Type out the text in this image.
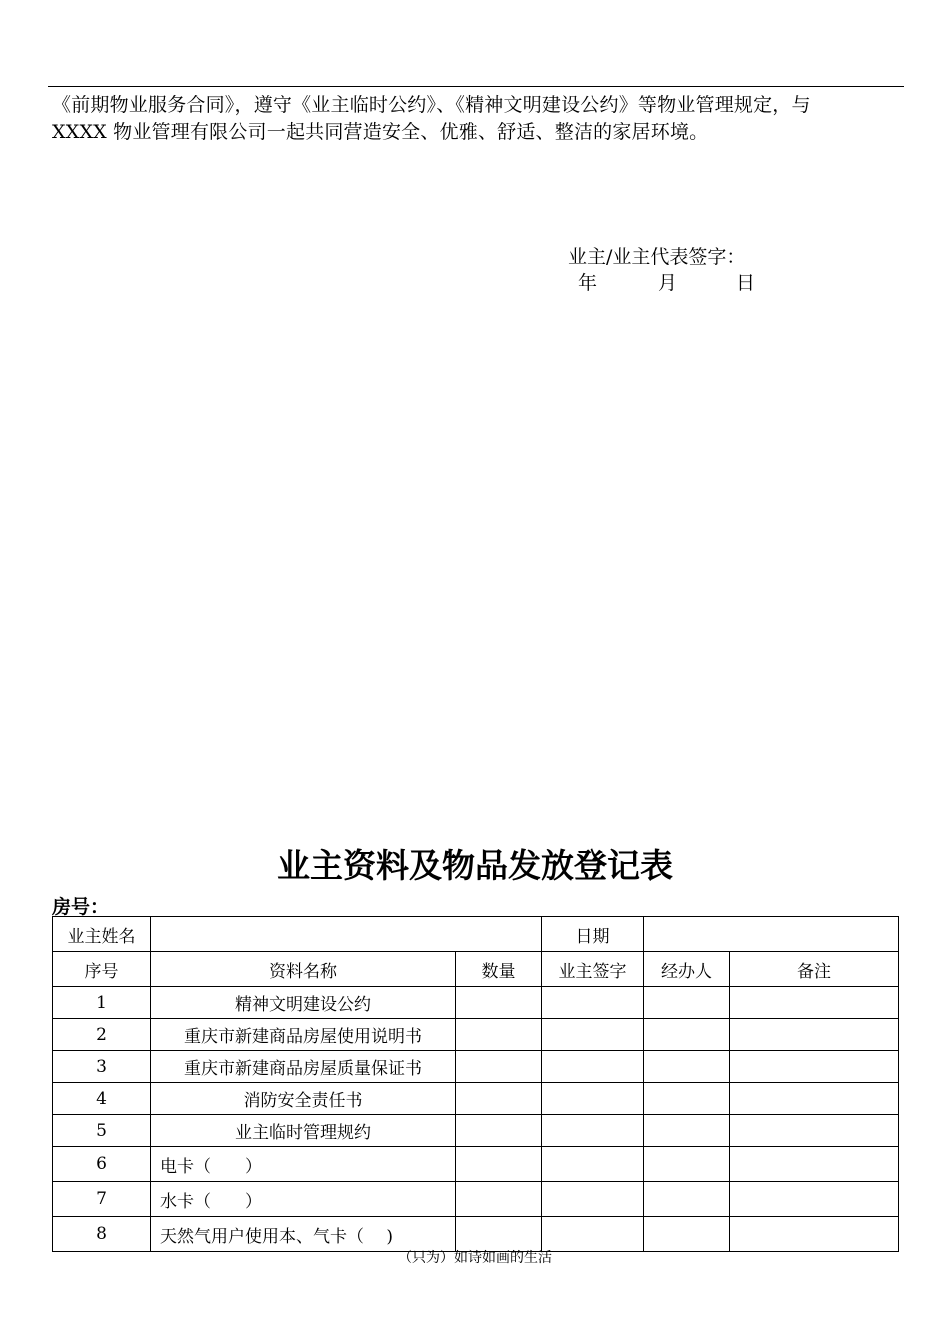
《前期物业服务合同》，遵守《业主临时公约》、《精神文明建设公约》等物业管理规定，与
XXXX 物业管理有限公司一起共同营造安全、优雅、舒适、整洁的家居环境。
业主/业主代表签字：
年	月	日
业主资料及物品发放登记表
房号：
业主姓名			日期		
序号	资料名称	数量	业主签字	经办人	备注
1	精神文明建设公约				
2	重庆市新建商品房屋使用说明书				
3	重庆市新建商品房屋质量保证书				
4	消防安全责任书				
5	业主临时管理规约				
6	电卡（　　）				
7	水卡（　　）				
8	天然气用户使用本、气卡（　 )				
（只为）如诗如画的生活
